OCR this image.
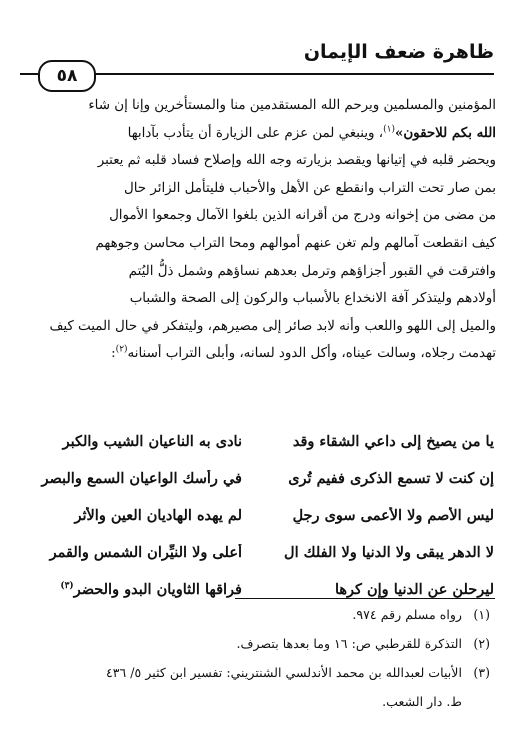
ظاهرة ضعف الإيمان
٥٨

المؤمنين والمسلمين ويرحم الله المستقدمين منا والمستأخرين وإنا إن شاء

الله بكم للاحقون»$^{(١)}$، وينبغي لمن عزم على الزيارة أن يتأدب بآدابها

ويحضر قلبه في إتيانها ويقصد بزيارته وجه الله وإصلاح فساد قلبه ثم يعتبر

بمن صار تحت التراب وانقطع عن الأهل والأحباب فليتأمل الزائر حال

من مضى من إخوانه ودرج من أقرانه الذين بلغوا الآمال وجمعوا الأموال

كيف انقطعت آمالهم ولم تغن عنهم أموالهم ومحا التراب محاسن وجوههم

وافترقت في القبور أجزاؤهم وترمل بعدهم نساؤهم وشمل ذلُّ اليُتم

أولادهم وليتذكر آفة الانخداع بالأسباب والركون إلى الصحة والشباب

والميل إلى اللهو واللعب وأنه لابد صائر إلى مصيرهم، وليتفكر في حال الميت كيف

تهدمت رجلاه، وسالت عيناه، وأكل الدود لسانه، وأبلى التراب أسنانه$^{(٢)}$:

يا من يصيخ إلى داعي الشقاء وقد
نادى به الناعيان الشيب والكبر
إن كنت لا تسمع الذكرى ففيم تُرى
في رأسك الواعيان السمع والبصر
ليس الأصم ولا الأعمى سوى رجلٍ
لم يهده الهاديان العين والأثر
لا الدهر يبقى ولا الدنيا ولا الفلك ال
أعلى ولا النيِّران الشمس والقمر
ليرحلن عن الدنيا وإن كرها
فراقها الثاويان البدو والحضر$^{(٣)}$
(١)
رواه مسلم رقم ٩٧٤.
(٢)
التذكرة للقرطبي ص: ١٦ وما بعدها بتصرف.
(٣)
الأبيات لعبدالله بن محمد الأندلسي الشنتريني: تفسير ابن كثير ٥/ ٤٣٦

ط. دار الشعب.
